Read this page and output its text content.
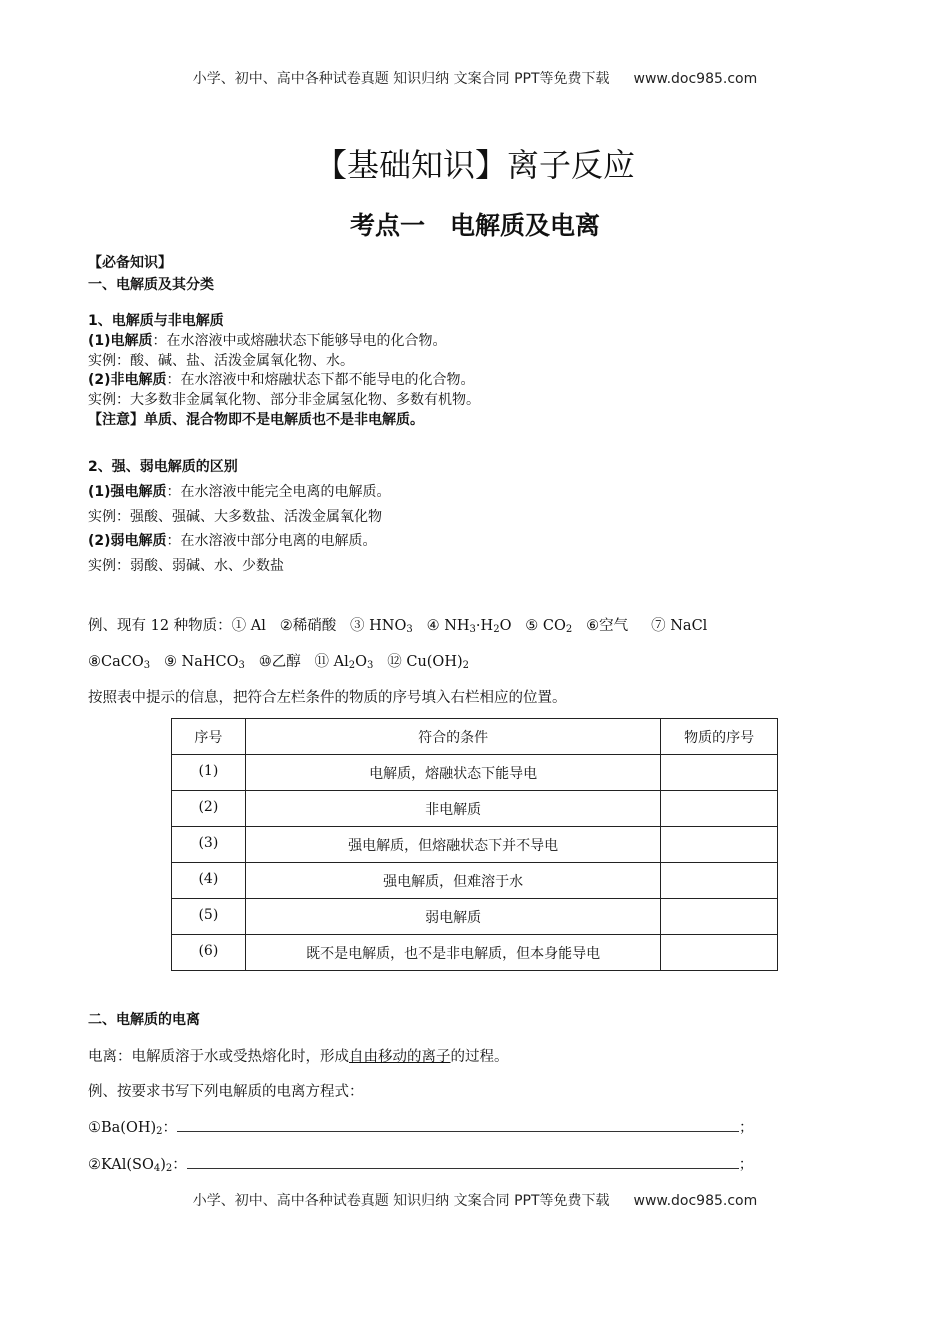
小学、初中、高中各种试卷真题 知识归纳 文案合同 PPT等免费下载 www.doc985.com
【基础知识】离子反应
考点一　电解质及电离
【必备知识】
一、电解质及其分类
1、电解质与非电解质
(1)电解质：在水溶液中或熔融状态下能够导电的化合物。
实例：酸、碱、盐、活泼金属氧化物、水。
(2)非电解质：在水溶液中和熔融状态下都不能导电的化合物。
实例：大多数非金属氧化物、部分非金属氢化物、多数有机物。
【注意】单质、混合物即不是电解质也不是非电解质。
2、强、弱电解质的区别
(1)强电解质：在水溶液中能完全电离的电解质。
实例：强酸、强碱、大多数盐、活泼金属氧化物
(2)弱电解质：在水溶液中部分电离的电解质。
实例：弱酸、弱碱、水、少数盐
例、现有 12 种物质：① Al ②稀硝酸 ③ $HNO_3$ ④ $NH_3\cdot H_2O$ ⑤ $CO_2$ ⑥空气 ⑦ NaCl
⑧CaCO$_3$ ⑨ NaHCO$_3$ ⑩乙醇 ⑪ $Al_2O_3$ ⑫ $Cu(OH)_2$
按照表中提示的信息，把符合左栏条件的物质的序号填入右栏相应的位置。
序号	符合的条件	物质的序号
(1)	电解质，熔融状态下能导电	
(2)	非电解质	
(3)	强电解质，但熔融状态下并不导电	
(4)	强电解质，但难溶于水	
(5)	弱电解质	
(6)	既不是电解质，也不是非电解质，但本身能导电	
二、电解质的电离
电离：电解质溶于水或受热熔化时，形成自由移动的离子的过程。
例、按要求书写下列电解质的电离方程式：
$①Ba(OH)_2$：	；
$②KAl(SO_4)_2$：	；
小学、初中、高中各种试卷真题 知识归纳 文案合同 PPT等免费下载 www.doc985.com
